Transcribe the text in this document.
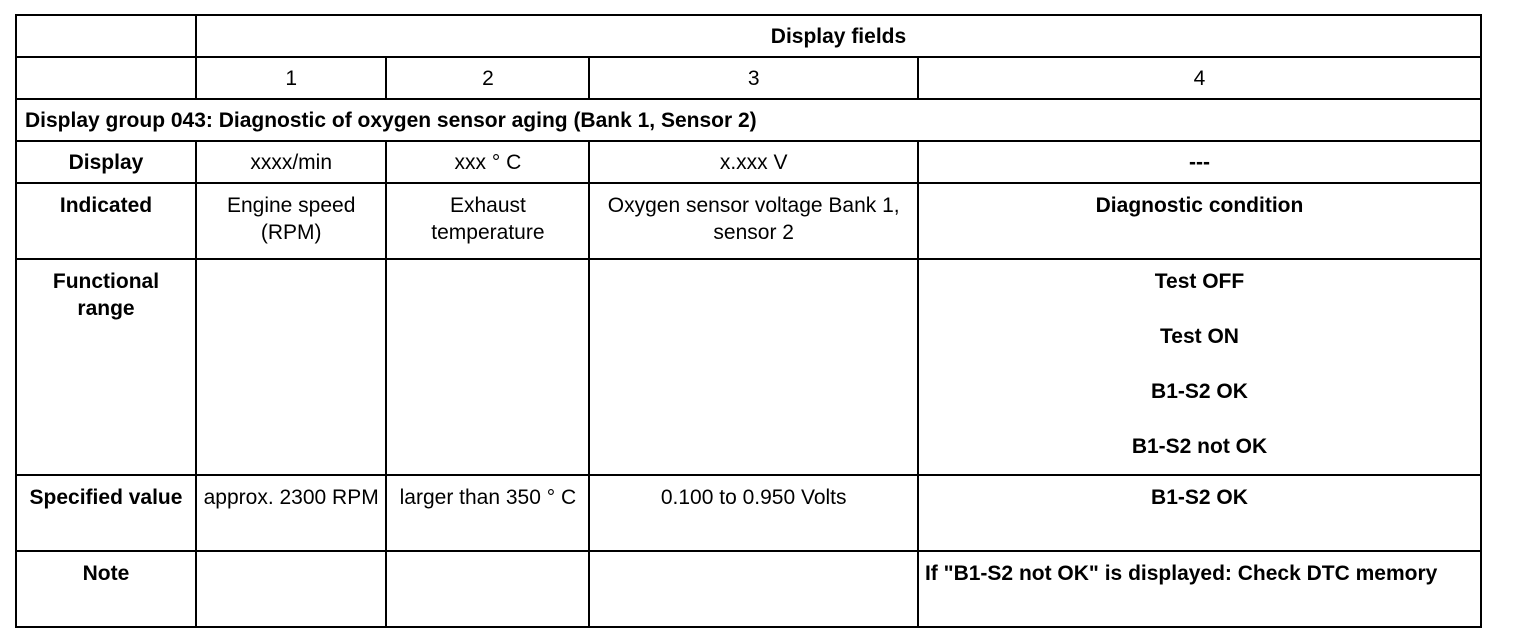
	Display fields			
	1	2	3	4
Display group 043: Diagnostic of oxygen sensor aging (Bank 1, Sensor 2)				
Display	xxxx/min	xxx ° C	x.xxx V	---
Indicated	Engine speed (RPM)	Exhaust temperature	Oxygen sensor voltage Bank 1, sensor 2	Diagnostic condition
Functional range				Test OFF
Test ON
B1-S2 OK
B1-S2 not OK

Specified value	approx. 2300 RPM	larger than 350 ° C	0.100 to 0.950 Volts	B1-S2 OK
Note				If "B1-S2 not OK" is displayed: Check DTC memory
